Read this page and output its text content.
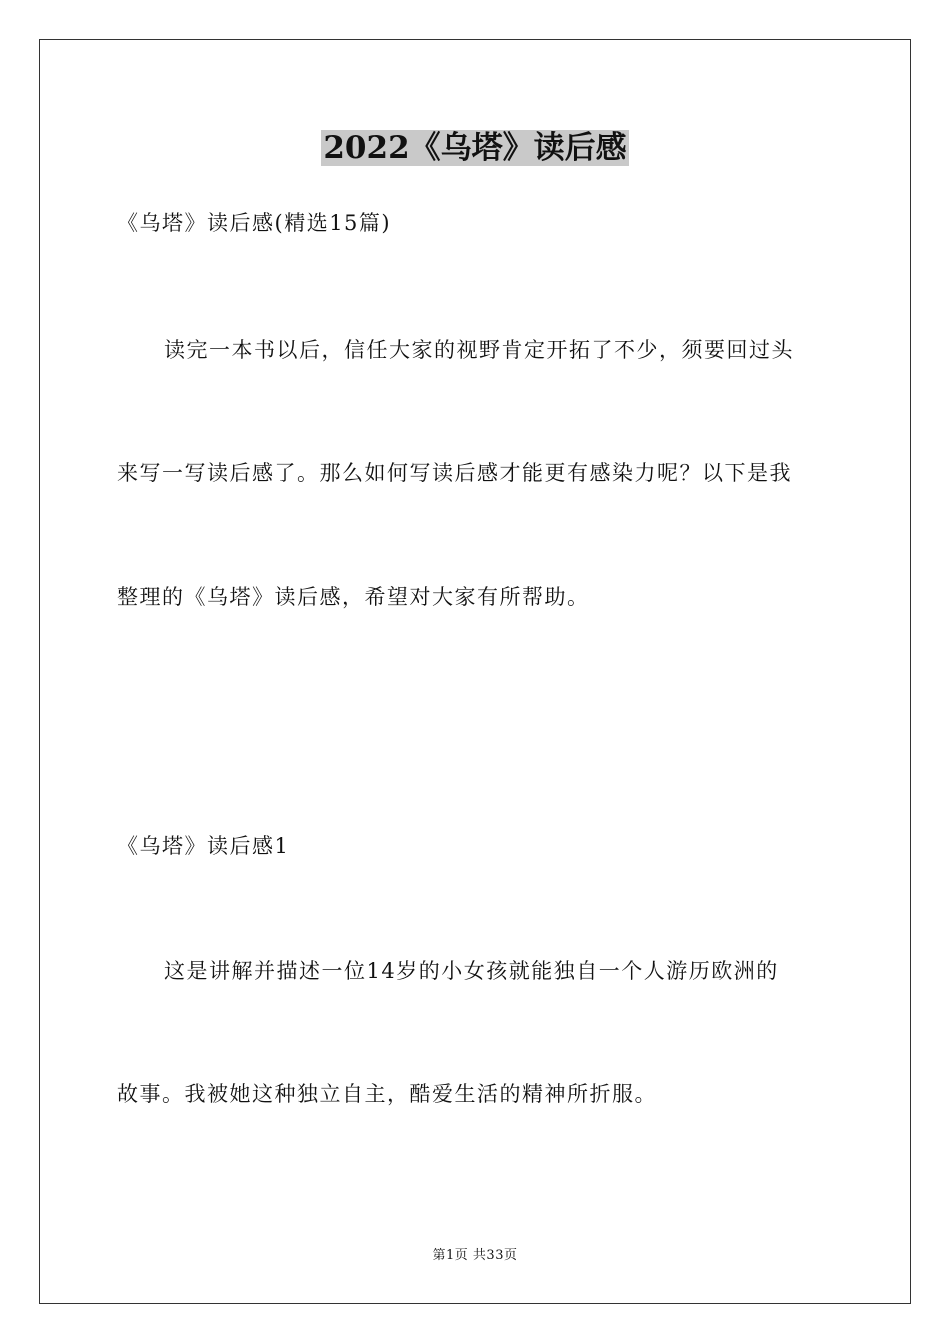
2022《乌塔》读后感
《乌塔》读后感(精选15篇)
读完一本书以后，信任大家的视野肯定开拓了不少，须要回过头
来写一写读后感了。那么如何写读后感才能更有感染力呢？以下是我
整理的《乌塔》读后感，希望对大家有所帮助。
《乌塔》读后感1
这是讲解并描述一位14岁的小女孩就能独自一个人游历欧洲的
故事。我被她这种独立自主，酷爱生活的精神所折服。
第1页 共33页
